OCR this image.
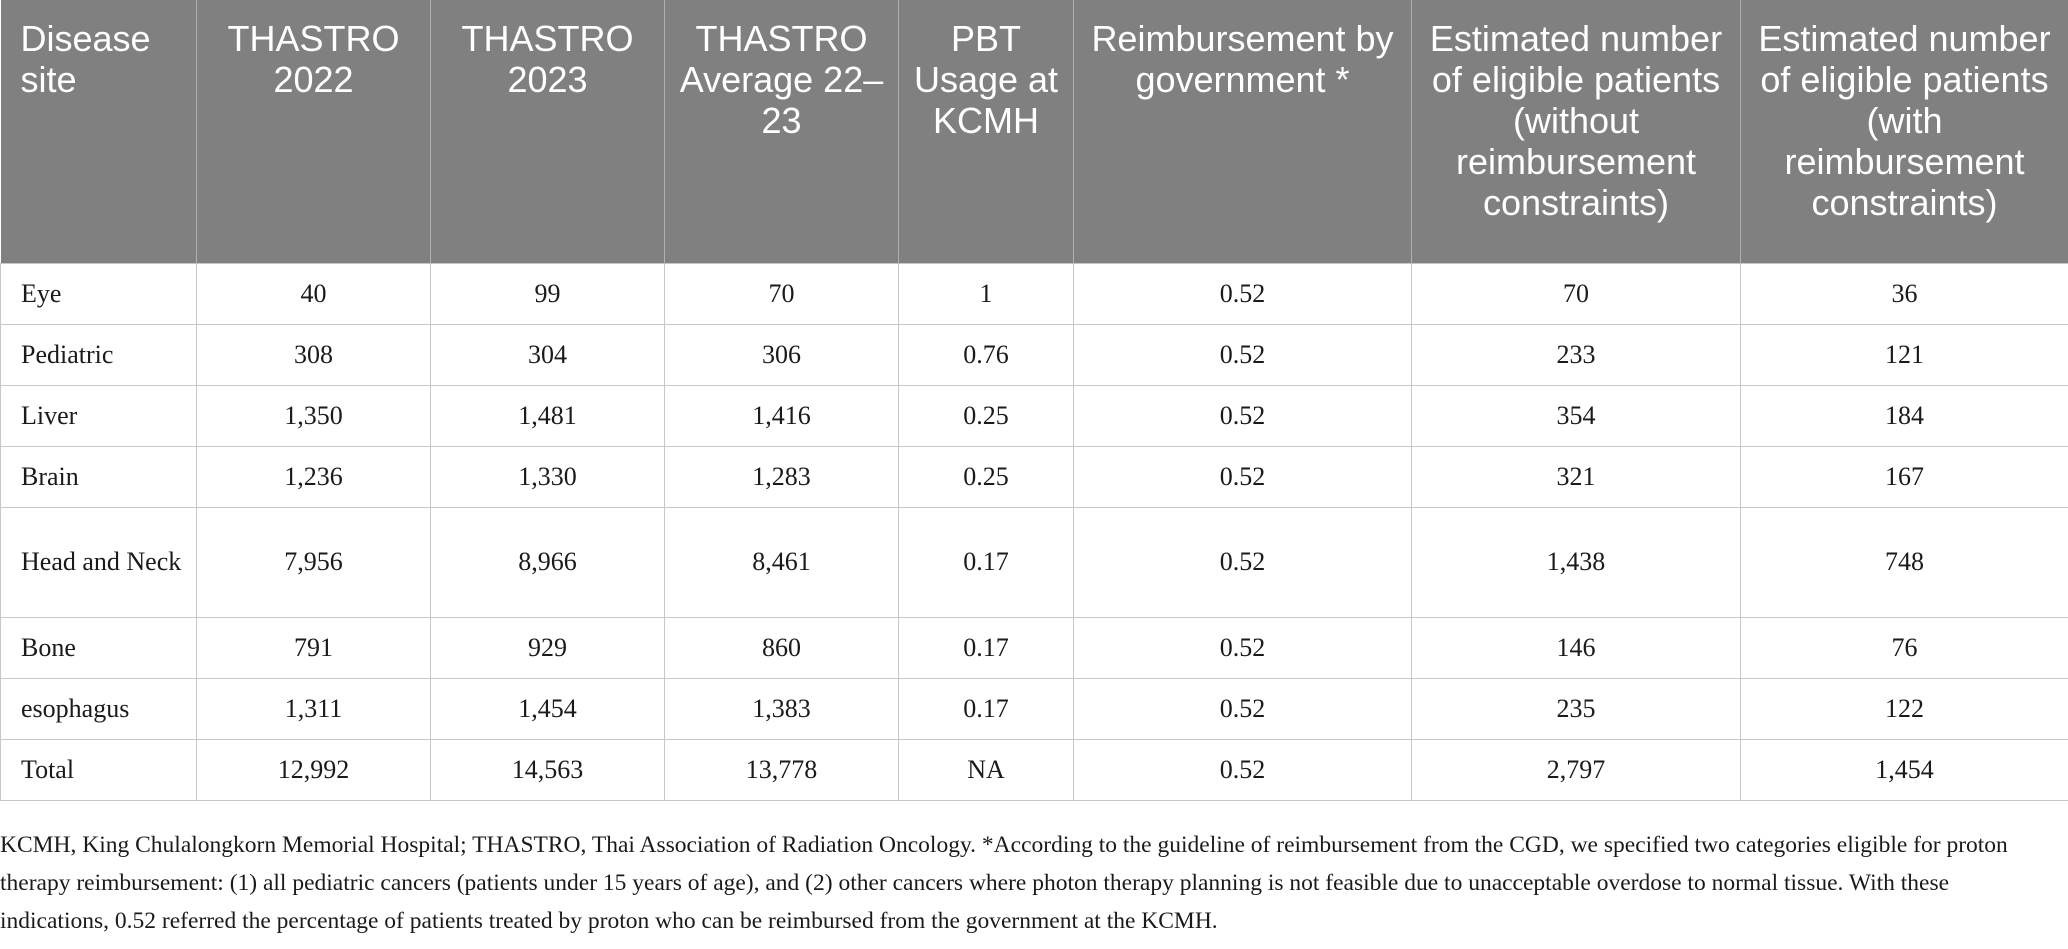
Disease site	THASTRO 2022	THASTRO 2023	THASTRO Average 22–23	PBT Usage at KCMH	Reimbursement by government *	Estimated number of eligible patients (without reimbursement constraints)	Estimated number of eligible patients (with reimbursement constraints)
Eye	40	99	70	1	0.52	70	36
Pediatric	308	304	306	0.76	0.52	233	121
Liver	1,350	1,481	1,416	0.25	0.52	354	184
Brain	1,236	1,330	1,283	0.25	0.52	321	167
Head and Neck	7,956	8,966	8,461	0.17	0.52	1,438	748
Bone	791	929	860	0.17	0.52	146	76
esophagus	1,311	1,454	1,383	0.17	0.52	235	122
Total	12,992	14,563	13,778	NA	0.52	2,797	1,454
KCMH, King Chulalongkorn Memorial Hospital; THASTRO, Thai Association of Radiation Oncology. *According to the guideline of reimbursement from the CGD, we specified two categories eligible for proton therapy reimbursement: (1) all pediatric cancers (patients under 15 years of age), and (2) other cancers where photon therapy planning is not feasible due to unacceptable overdose to normal tissue. With these indications, 0.52 referred the percentage of patients treated by proton who can be reimbursed from the government at the KCMH.
